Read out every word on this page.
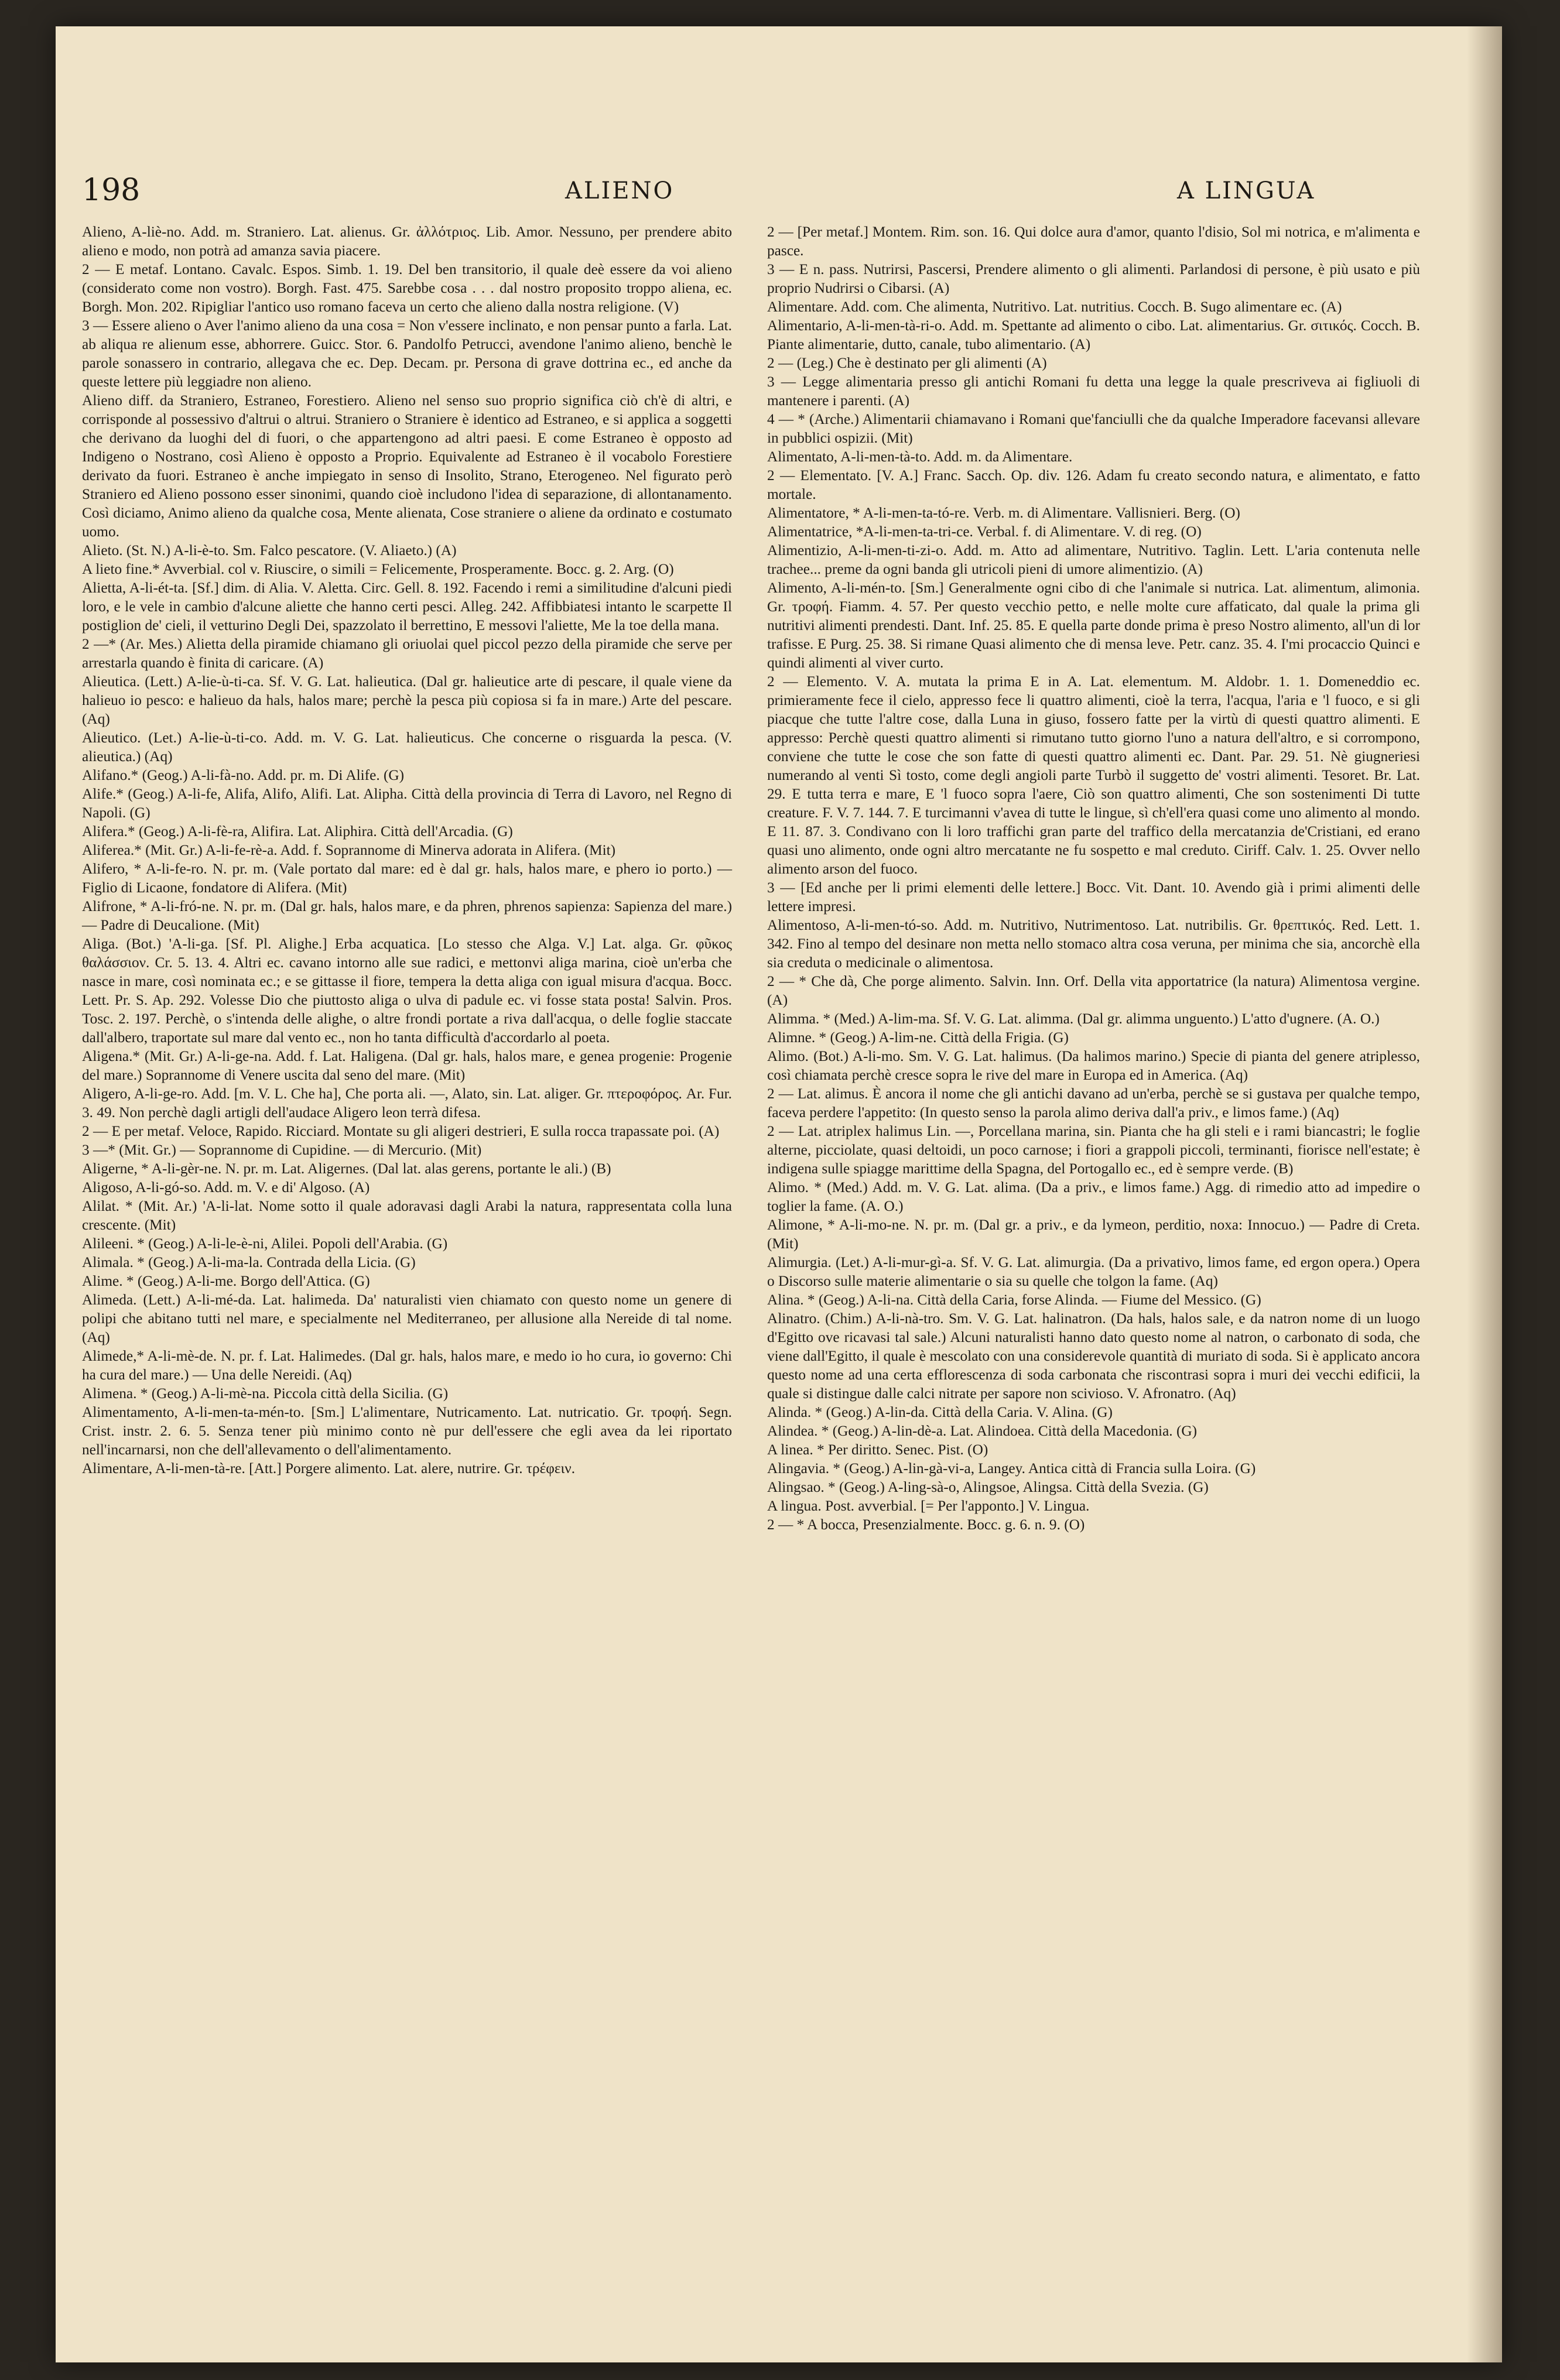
198	ALIENO	A LINGUA

Alieno, A-liè-no. Add. m. Straniero. Lat. alienus. Gr. ἀλλότριος. Lib. Amor. Nessuno, per prendere abito alieno e modo, non potrà ad amanza savia piacere.

2 — E metaf. Lontano. Cavalc. Espos. Simb. 1. 19. Del ben transitorio, il quale deè essere da voi alieno (considerato come non vostro). Borgh. Fast. 475. Sarebbe cosa . . . dal nostro proposito troppo aliena, ec. Borgh. Mon. 202. Ripigliar l'antico uso romano faceva un certo che alieno dalla nostra religione. (V)

3 — Essere alieno o Aver l'animo alieno da una cosa = Non v'essere inclinato, e non pensar punto a farla. Lat. ab aliqua re alienum esse, abhorrere. Guicc. Stor. 6. Pandolfo Petrucci, avendone l'animo alieno, benchè le parole sonassero in contrario, allegava che ec. Dep. Decam. pr. Persona di grave dottrina ec., ed anche da queste lettere più leggiadre non alieno.

Alieno diff. da Straniero, Estraneo, Forestiero. Alieno nel senso suo proprio significa ciò ch'è di altri, e corrisponde al possessivo d'altrui o altrui. Straniero o Straniere è identico ad Estraneo, e si applica a soggetti che derivano da luoghi del di fuori, o che appartengono ad altri paesi. E come Estraneo è opposto ad Indigeno o Nostrano, così Alieno è opposto a Proprio. Equivalente ad Estraneo è il vocabolo Forestiere derivato da fuori. Estraneo è anche impiegato in senso di Insolito, Strano, Eterogeneo. Nel figurato però Straniero ed Alieno possono esser sinonimi, quando cioè includono l'idea di separazione, di allontanamento. Così diciamo, Animo alieno da qualche cosa, Mente alienata, Cose straniere o aliene da ordinato e costumato uomo.

Alieto. (St. N.) A-li-è-to. Sm. Falco pescatore. (V. Aliaeto.) (A)

A lieto fine.* Avverbial. col v. Riuscire, o simili = Felicemente, Prosperamente. Bocc. g. 2. Arg. (O)

Alietta, A-li-ét-ta. [Sf.] dim. di Alia. V. Aletta. Circ. Gell. 8. 192. Facendo i remi a similitudine d'alcuni piedi loro, e le vele in cambio d'alcune aliette che hanno certi pesci. Alleg. 242. Affibbiatesi intanto le scarpette Il postiglion de' cieli, il vetturino Degli Dei, spazzolato il berrettino, E messovi l'aliette, Me la toe della mana.

2 —* (Ar. Mes.) Alietta della piramide chiamano gli oriuolai quel piccol pezzo della piramide che serve per arrestarla quando è finita di caricare. (A)

Alieutica. (Lett.) A-lie-ù-ti-ca. Sf. V. G. Lat. halieutica. (Dal gr. halieutice arte di pescare, il quale viene da halieuo io pesco: e halieuo da hals, halos mare; perchè la pesca più copiosa si fa in mare.) Arte del pescare. (Aq)

Alieutico. (Let.) A-lie-ù-ti-co. Add. m. V. G. Lat. halieuticus. Che concerne o risguarda la pesca. (V. alieutica.) (Aq)

Alifano.* (Geog.) A-li-fà-no. Add. pr. m. Di Alife. (G)

Alife.* (Geog.) A-li-fe, Alifa, Alifo, Alifi. Lat. Alipha. Città della provincia di Terra di Lavoro, nel Regno di Napoli. (G)

Alifera.* (Geog.) A-li-fè-ra, Alifira. Lat. Aliphira. Città dell'Arcadia. (G)

Aliferea.* (Mit. Gr.) A-li-fe-rè-a. Add. f. Soprannome di Minerva adorata in Alifera. (Mit)

Alifero, * A-li-fe-ro. N. pr. m. (Vale portato dal mare: ed è dal gr. hals, halos mare, e phero io porto.) — Figlio di Licaone, fondatore di Alifera. (Mit)

Alifrone, * A-li-fró-ne. N. pr. m. (Dal gr. hals, halos mare, e da phren, phrenos sapienza: Sapienza del mare.) — Padre di Deucalione. (Mit)

Aliga. (Bot.) 'A-li-ga. [Sf. Pl. Alighe.] Erba acquatica. [Lo stesso che Alga. V.] Lat. alga. Gr. φῦκος θαλάσσιον. Cr. 5. 13. 4. Altri ec. cavano intorno alle sue radici, e mettonvi aliga marina, cioè un'erba che nasce in mare, così nominata ec.; e se gittasse il fiore, tempera la detta aliga con igual misura d'acqua. Bocc. Lett. Pr. S. Ap. 292. Volesse Dio che piuttosto aliga o ulva di padule ec. vi fosse stata posta! Salvin. Pros. Tosc. 2. 197. Perchè, o s'intenda delle alighe, o altre frondi portate a riva dall'acqua, o delle foglie staccate dall'albero, traportate sul mare dal vento ec., non ho tanta difficultà d'accordarlo al poeta.

Aligena.* (Mit. Gr.) A-li-ge-na. Add. f. Lat. Haligena. (Dal gr. hals, halos mare, e genea progenie: Progenie del mare.) Soprannome di Venere uscita dal seno del mare. (Mit)

Aligero, A-li-ge-ro. Add. [m. V. L. Che ha], Che porta ali. —, Alato, sin. Lat. aliger. Gr. πτεροφόρος. Ar. Fur. 3. 49. Non perchè dagli artigli dell'audace Aligero leon terrà difesa.

2 — E per metaf. Veloce, Rapido. Ricciard. Montate su gli aligeri destrieri, E sulla rocca trapassate poi. (A)

3 —* (Mit. Gr.) — Soprannome di Cupidine. — di Mercurio. (Mit)

Aligerne, * A-li-gèr-ne. N. pr. m. Lat. Aligernes. (Dal lat. alas gerens, portante le ali.) (B)

Aligoso, A-li-gó-so. Add. m. V. e di' Algoso. (A)

Alilat. * (Mit. Ar.) 'A-li-lat. Nome sotto il quale adoravasi dagli Arabi la natura, rappresentata colla luna crescente. (Mit)

Alileeni. * (Geog.) A-li-le-è-ni, Alilei. Popoli dell'Arabia. (G)

Alimala. * (Geog.) A-li-ma-la. Contrada della Licia. (G)

Alime. * (Geog.) A-li-me. Borgo dell'Attica. (G)

Alimeda. (Lett.) A-li-mé-da. Lat. halimeda. Da' naturalisti vien chiamato con questo nome un genere di polipi che abitano tutti nel mare, e specialmente nel Mediterraneo, per allusione alla Nereide di tal nome. (Aq)

Alimede,* A-li-mè-de. N. pr. f. Lat. Halimedes. (Dal gr. hals, halos mare, e medo io ho cura, io governo: Chi ha cura del mare.) — Una delle Nereidi. (Aq)

Alimena. * (Geog.) A-li-mè-na. Piccola città della Sicilia. (G)

Alimentamento, A-li-men-ta-mén-to. [Sm.] L'alimentare, Nutricamento. Lat. nutricatio. Gr. τροφή. Segn. Crist. instr. 2. 6. 5. Senza tener più minimo conto nè pur dell'essere che egli avea da lei riportato nell'incarnarsi, non che dell'allevamento o dell'alimentamento.

Alimentare, A-li-men-tà-re. [Att.] Porgere alimento. Lat. alere, nutrire. Gr. τρέφειν.

2 — [Per metaf.] Montem. Rim. son. 16. Qui dolce aura d'amor, quanto l'disio, Sol mi notrica, e m'alimenta e pasce.

3 — E n. pass. Nutrirsi, Pascersi, Prendere alimento o gli alimenti. Parlandosi di persone, è più usato e più proprio Nudrirsi o Cibarsi. (A)

Alimentare. Add. com. Che alimenta, Nutritivo. Lat. nutritius. Cocch. B. Sugo alimentare ec. (A)

Alimentario, A-li-men-tà-ri-o. Add. m. Spettante ad alimento o cibo. Lat. alimentarius. Gr. σιτικός. Cocch. B. Piante alimentarie, dutto, canale, tubo alimentario. (A)

2 — (Leg.) Che è destinato per gli alimenti (A)

3 — Legge alimentaria presso gli antichi Romani fu detta una legge la quale prescriveva ai figliuoli di mantenere i parenti. (A)

4 — * (Arche.) Alimentarii chiamavano i Romani que'fanciulli che da qualche Imperadore facevansi allevare in pubblici ospizii. (Mit)

Alimentato, A-li-men-tà-to. Add. m. da Alimentare.

2 — Elementato. [V. A.] Franc. Sacch. Op. div. 126. Adam fu creato secondo natura, e alimentato, e fatto mortale.

Alimentatore, * A-li-men-ta-tó-re. Verb. m. di Alimentare. Vallisnieri. Berg. (O)

Alimentatrice, *A-li-men-ta-tri-ce. Verbal. f. di Alimentare. V. di reg. (O)

Alimentizio, A-li-men-ti-zi-o. Add. m. Atto ad alimentare, Nutritivo. Taglin. Lett. L'aria contenuta nelle trachee... preme da ogni banda gli utricoli pieni di umore alimentizio. (A)

Alimento, A-li-mén-to. [Sm.] Generalmente ogni cibo di che l'animale si nutrica. Lat. alimentum, alimonia. Gr. τροφή. Fiamm. 4. 57. Per questo vecchio petto, e nelle molte cure affaticato, dal quale la prima gli nutritivi alimenti prendesti. Dant. Inf. 25. 85. E quella parte donde prima è preso Nostro alimento, all'un di lor trafisse. E Purg. 25. 38. Si rimane Quasi alimento che di mensa leve. Petr. canz. 35. 4. I'mi procaccio Quinci e quindi alimenti al viver curto.

2 — Elemento. V. A. mutata la prima E in A. Lat. elementum. M. Aldobr. 1. 1. Domeneddio ec. primieramente fece il cielo, appresso fece li quattro alimenti, cioè la terra, l'acqua, l'aria e 'l fuoco, e si gli piacque che tutte l'altre cose, dalla Luna in giuso, fossero fatte per la virtù di questi quattro alimenti. E appresso: Perchè questi quattro alimenti si rimutano tutto giorno l'uno a natura dell'altro, e si corrompono, conviene che tutte le cose che son fatte di questi quattro alimenti ec. Dant. Par. 29. 51. Nè giugneriesi numerando al venti Sì tosto, come degli angioli parte Turbò il suggetto de' vostri alimenti. Tesoret. Br. Lat. 29. E tutta terra e mare, E 'l fuoco sopra l'aere, Ciò son quattro alimenti, Che son sostenimenti Di tutte creature. F. V. 7. 144. 7. E turcimanni v'avea di tutte le lingue, sì ch'ell'era quasi come uno alimento al mondo. E 11. 87. 3. Condivano con li loro traffichi gran parte del traffico della mercatanzia de'Cristiani, ed erano quasi uno alimento, onde ogni altro mercatante ne fu sospetto e mal creduto. Ciriff. Calv. 1. 25. Ovver nello alimento arson del fuoco.

3 — [Ed anche per li primi elementi delle lettere.] Bocc. Vit. Dant. 10. Avendo già i primi alimenti delle lettere impresi.

Alimentoso, A-li-men-tó-so. Add. m. Nutritivo, Nutrimentoso. Lat. nutribilis. Gr. θρεπτικός. Red. Lett. 1. 342. Fino al tempo del desinare non metta nello stomaco altra cosa veruna, per minima che sia, ancorchè ella sia creduta o medicinale o alimentosa.

2 — * Che dà, Che porge alimento. Salvin. Inn. Orf. Della vita apportatrice (la natura) Alimentosa vergine. (A)

Alimma. * (Med.) A-lim-ma. Sf. V. G. Lat. alimma. (Dal gr. alimma unguento.) L'atto d'ugnere. (A. O.)

Alimne. * (Geog.) A-lim-ne. Città della Frigia. (G)

Alimo. (Bot.) A-li-mo. Sm. V. G. Lat. halimus. (Da halimos marino.) Specie di pianta del genere atriplesso, così chiamata perchè cresce sopra le rive del mare in Europa ed in America. (Aq)

2 — Lat. alimus. È ancora il nome che gli antichi davano ad un'erba, perchè se si gustava per qualche tempo, faceva perdere l'appetito: (In questo senso la parola alimo deriva dall'a priv., e limos fame.) (Aq)

2 — Lat. atriplex halimus Lin. —, Porcellana marina, sin. Pianta che ha gli steli e i rami biancastri; le foglie alterne, picciolate, quasi deltoidi, un poco carnose; i fiori a grappoli piccoli, terminanti, fioriscе nell'estate; è indigena sulle spiagge marittime della Spagna, del Portogallo ec., ed è sempre verde. (B)

Alimo. * (Med.) Add. m. V. G. Lat. alima. (Da a priv., e limos fame.) Agg. di rimedio atto ad impedire o toglier la fame. (A. O.)

Alimone, * A-li-mo-ne. N. pr. m. (Dal gr. a priv., e da lymeon, perditio, noxa: Innocuo.) — Padre di Creta. (Mit)

Alimurgia. (Let.) A-li-mur-gì-a. Sf. V. G. Lat. alimurgia. (Da a privativo, limos fame, ed ergon opera.) Opera o Discorso sulle materie alimentarie o sia su quelle che tolgon la fame. (Aq)

Alina. * (Geog.) A-li-na. Città della Caria, forse Alinda. — Fiume del Messico. (G)

Alinatro. (Chim.) A-li-nà-tro. Sm. V. G. Lat. halinatron. (Da hals, halos sale, e da natron nome di un luogo d'Egitto ove ricavasi tal sale.) Alcuni naturalisti hanno dato questo nome al natron, o carbonato di soda, che viene dall'Egitto, il quale è mescolato con una considerevole quantità di muriato di soda. Si è applicato ancora questo nome ad una certa efflorescenza di soda carbonata che riscontrasi sopra i muri dei vecchi edificii, la quale si distingue dalle calci nitrate per sapore non scivioso. V. Afronatro. (Aq)

Alinda. * (Geog.) A-lin-da. Città della Caria. V. Alina. (G)

Alindea. * (Geog.) A-lin-dè-a. Lat. Alindoea. Città della Macedonia. (G)

A linea. * Per diritto. Senec. Pist. (O)

Alingavia. * (Geog.) A-lin-gà-vi-a, Langey. Antica città di Francia sulla Loira. (G)

Alingsao. * (Geog.) A-ling-sà-o, Alingsoe, Alingsa. Città della Svezia. (G)

A lingua. Post. avverbial. [= Per l'apponto.] V. Lingua.

2 — * A bocca, Presenzialmente. Bocc. g. 6. n. 9. (O)
